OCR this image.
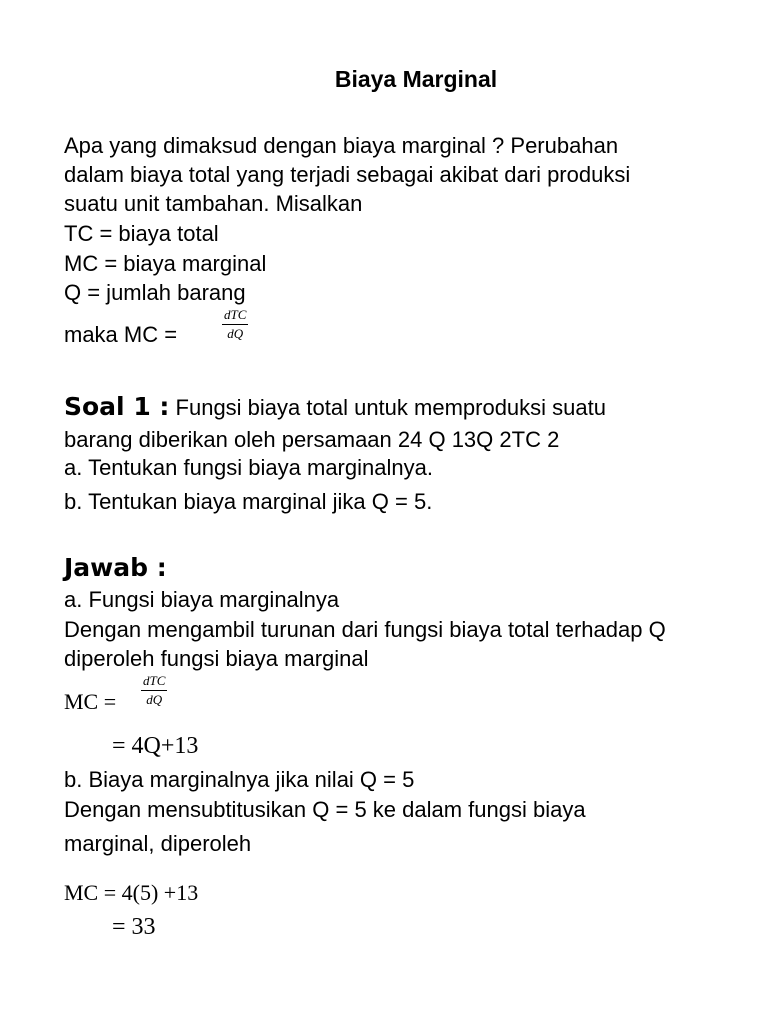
Biaya Marginal
Apa yang dimaksud dengan biaya marginal ? Perubahan
dalam biaya total yang terjadi sebagai akibat dari produksi
suatu unit tambahan. Misalkan
TC = biaya total
MC = biaya marginal
Q = jumlah barang
maka MC =
dTC
dQ
Soal 1 : Fungsi biaya total untuk memproduksi suatu
barang diberikan oleh persamaan 24 Q 13Q 2TC 2
a. Tentukan fungsi biaya marginalnya.
b. Tentukan biaya marginal jika Q = 5.
Jawab :
a. Fungsi biaya marginalnya
Dengan mengambil turunan dari fungsi biaya total terhadap Q
diperoleh fungsi biaya marginal
MC =
dTC
dQ
= 4Q+13
b. Biaya marginalnya jika nilai Q = 5
Dengan mensubtitusikan Q = 5 ke dalam fungsi biaya
marginal, diperoleh
MC = 4(5) +13
= 33
